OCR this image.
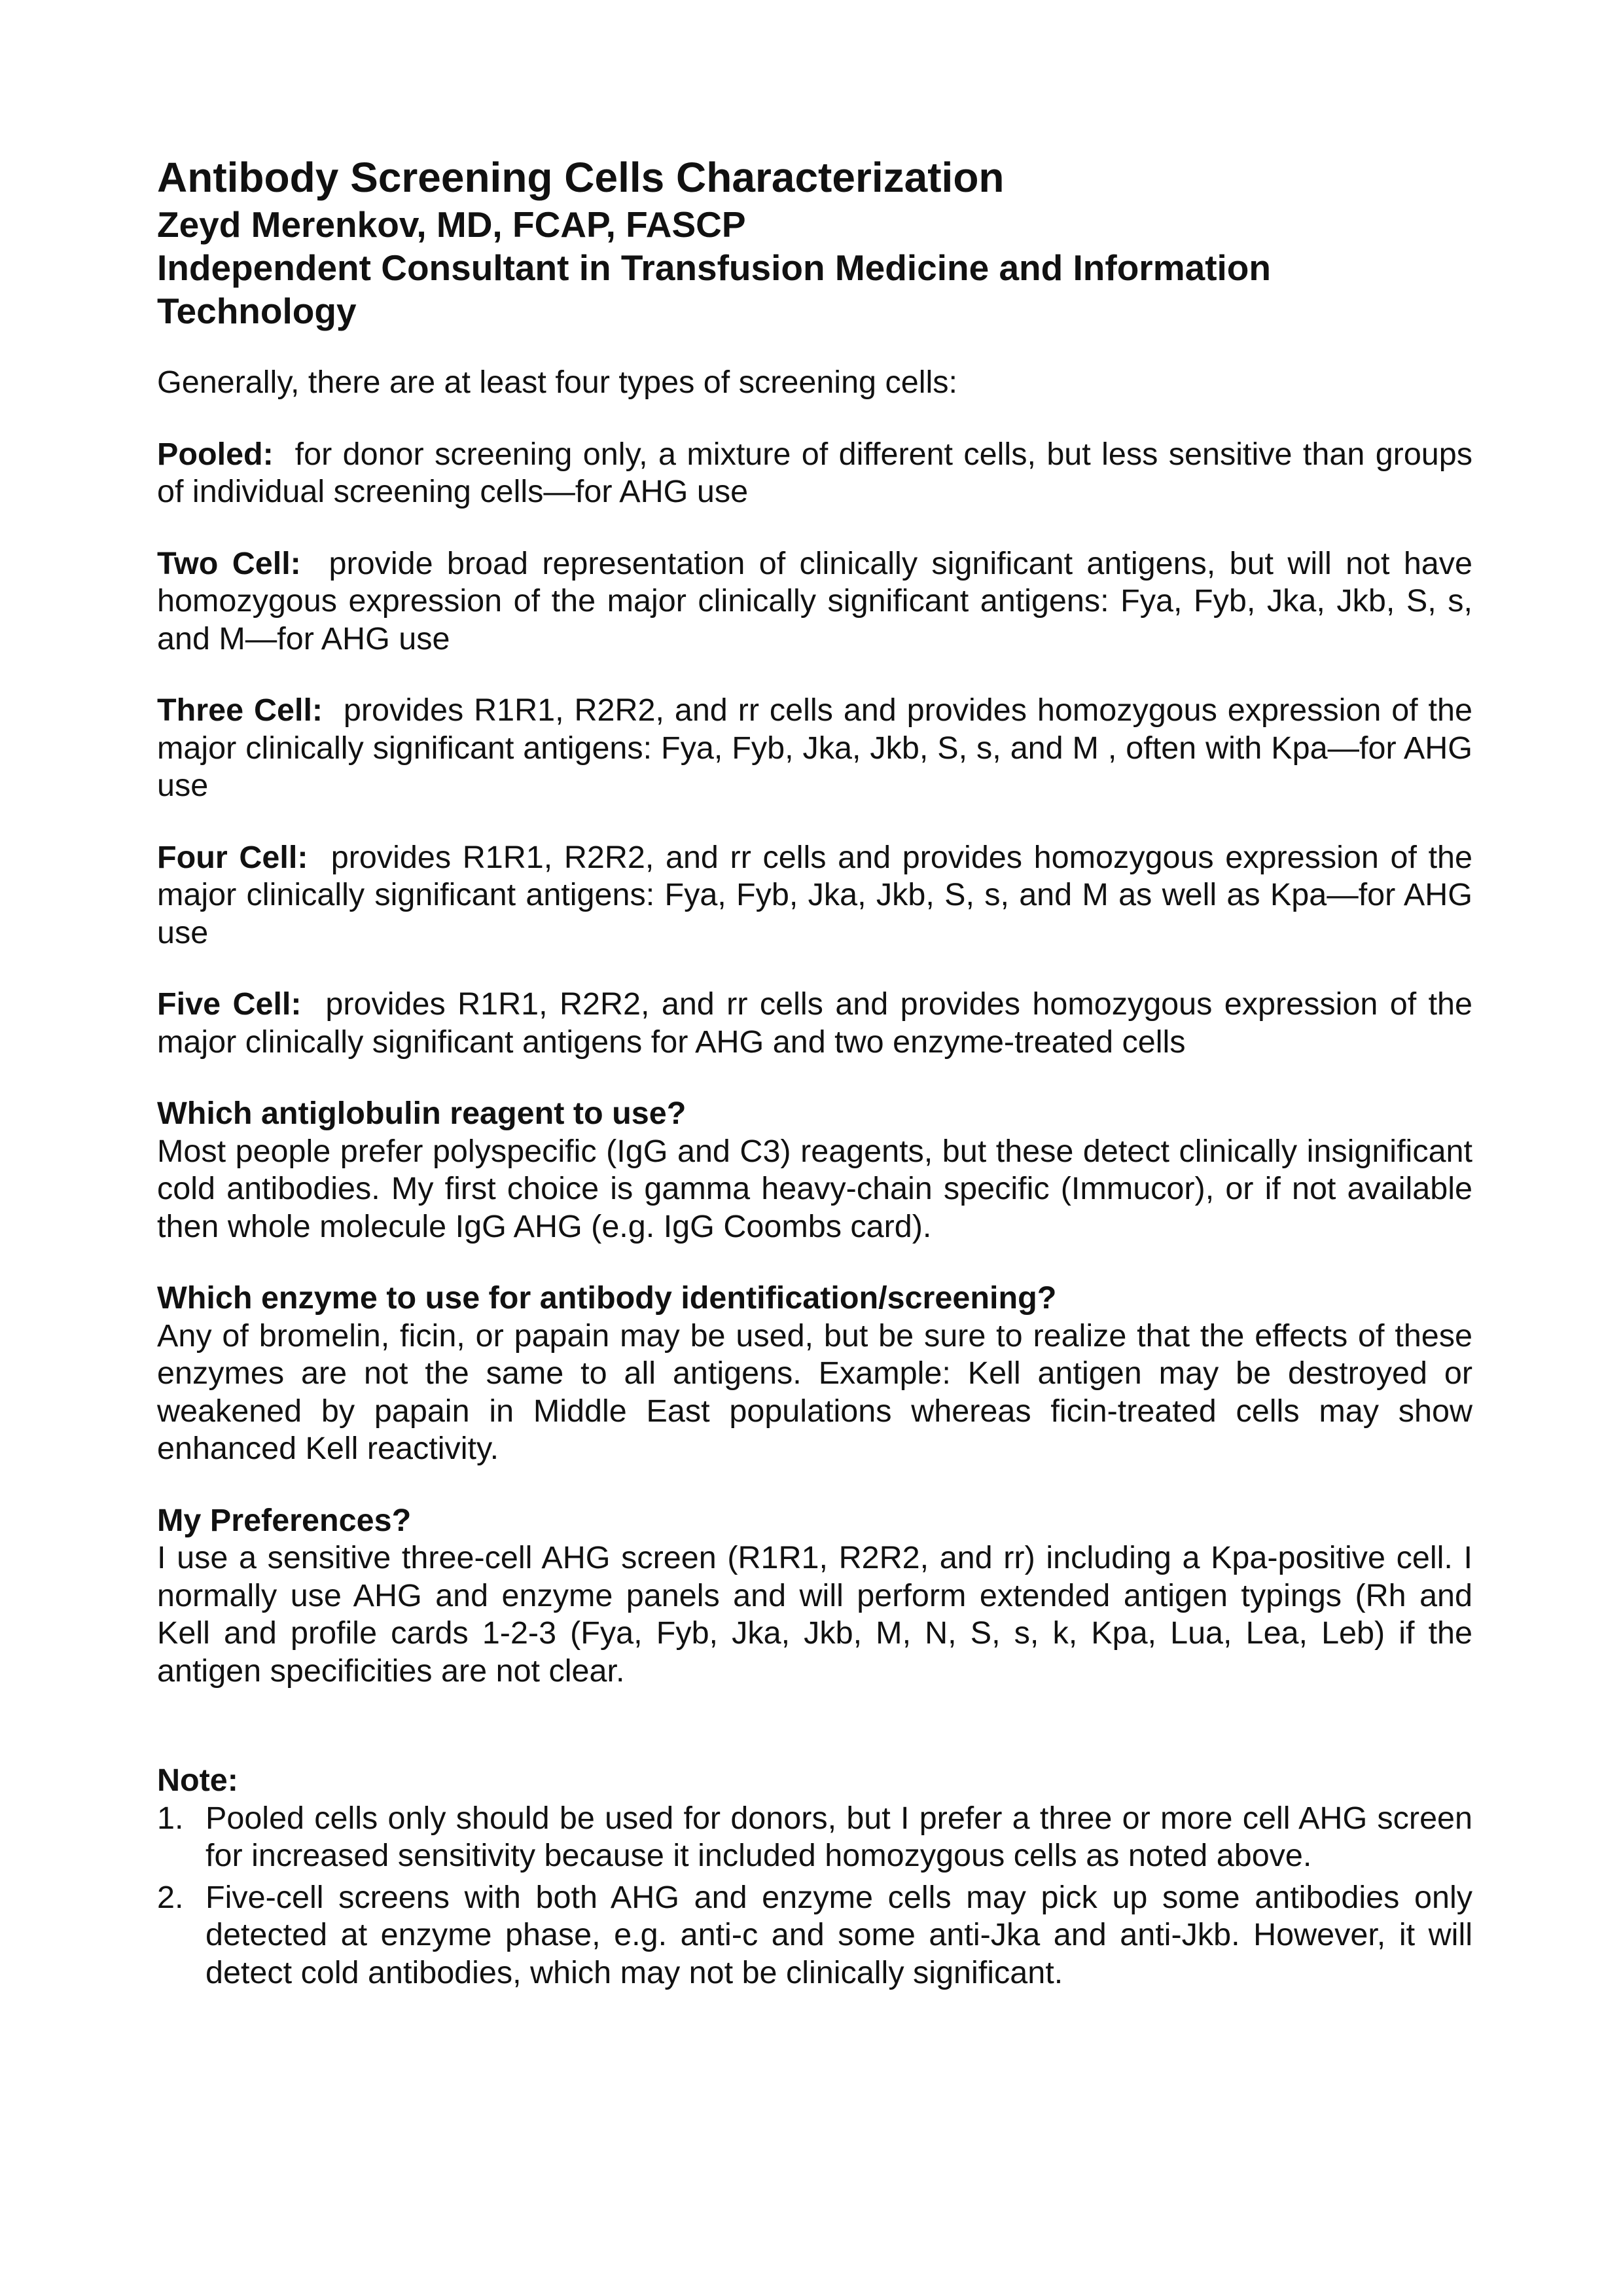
Antibody Screening Cells Characterization
Zeyd Merenkov, MD, FCAP, FASCP
Independent Consultant in Transfusion Medicine and Information Technology

Generally, there are at least four types of screening cells:

Pooled: for donor screening only, a mixture of different cells, but less sensitive than groups of individual screening cells—for AHG use

Two Cell: provide broad representation of clinically significant antigens, but will not have homozygous expression of the major clinically significant antigens: Fya, Fyb, Jka, Jkb, S, s, and M—for AHG use

Three Cell: provides R1R1, R2R2, and rr cells and provides homozygous expression of the major clinically significant antigens: Fya, Fyb, Jka, Jkb, S, s, and M , often with Kpa—for AHG use

Four Cell: provides R1R1, R2R2, and rr cells and provides homozygous expression of the major clinically significant antigens: Fya, Fyb, Jka, Jkb, S, s, and M as well as Kpa—for AHG use

Five Cell: provides R1R1, R2R2, and rr cells and provides homozygous expression of the major clinically significant antigens for AHG and two enzyme-treated cells

Which antiglobulin reagent to use?

Most people prefer polyspecific (IgG and C3) reagents, but these detect clinically insignificant cold antibodies. My first choice is gamma heavy-chain specific (Immucor), or if not available then whole molecule IgG AHG (e.g. IgG Coombs card).

Which enzyme to use for antibody identification/screening?

Any of bromelin, ficin, or papain may be used, but be sure to realize that the effects of these enzymes are not the same to all antigens. Example: Kell antigen may be destroyed or weakened by papain in Middle East populations whereas ficin-treated cells may show enhanced Kell reactivity.

My Preferences?

I use a sensitive three-cell AHG screen (R1R1, R2R2, and rr) including a Kpa-positive cell. I normally use AHG and enzyme panels and will perform extended antigen typings (Rh and Kell and profile cards 1-2-3 (Fya, Fyb, Jka, Jkb, M, N, S, s, k, Kpa, Lua, Lea, Leb) if the antigen specificities are not clear.

Note:

1. Pooled cells only should be used for donors, but I prefer a three or more cell AHG screen for increased sensitivity because it included homozygous cells as noted above.
2. Five-cell screens with both AHG and enzyme cells may pick up some antibodies only detected at enzyme phase, e.g. anti-c and some anti-Jka and anti-Jkb. However, it will detect cold antibodies, which may not be clinically significant.
